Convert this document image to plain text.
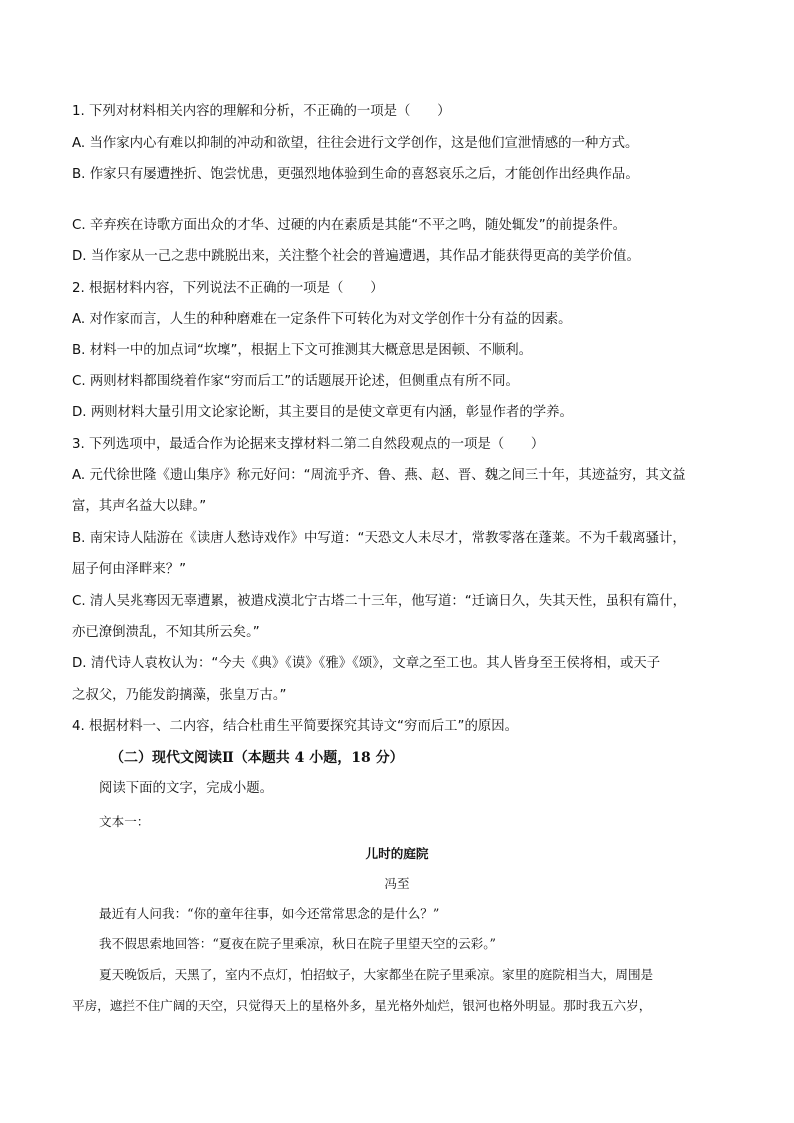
1. 下列对材料相关内容的理解和分析，不正确的一项是（　　）
A. 当作家内心有难以抑制的冲动和欲望，往往会进行文学创作，这是他们宣泄情感的一种方式。
B. 作家只有屡遭挫折、饱尝忧患，更强烈地体验到生命的喜怒哀乐之后，才能创作出经典作品。
C. 辛弃疾在诗歌方面出众的才华、过硬的内在素质是其能“不平之鸣，随处辄发”的前提条件。
D. 当作家从一己之悲中跳脱出来，关注整个社会的普遍遭遇，其作品才能获得更高的美学价值。
2. 根据材料内容，下列说法不正确的一项是（　　）
A. 对作家而言，人生的种种磨难在一定条件下可转化为对文学创作十分有益的因素。
B. 材料一中的加点词“坎壈”，根据上下文可推测其大概意思是困顿、不顺利。
C. 两则材料都围绕着作家“穷而后工”的话题展开论述，但侧重点有所不同。
D. 两则材料大量引用文论家论断，其主要目的是使文章更有内涵，彰显作者的学养。
3. 下列选项中，最适合作为论据来支撑材料二第二自然段观点的一项是（　　）
A. 元代徐世隆《遗山集序》称元好问：“周流乎齐、鲁、燕、赵、晋、魏之间三十年，其迹益穷，其文益
富，其声名益大以肆。”
B. 南宋诗人陆游在《读唐人愁诗戏作》中写道：“天恐文人未尽才，常教零落在蓬莱。不为千载离骚计，
屈子何由泽畔来？”
C. 清人吴兆骞因无辜遭累，被遣戍漠北宁古塔二十三年，他写道：“迁谪日久，失其天性，虽积有篇什，
亦已潦倒溃乱，不知其所云矣。”
D. 清代诗人袁枚认为：“今夫《典》《谟》《雅》《颂》，文章之至工也。其人皆身至王侯将相，或天子
之叔父，乃能发韵摛藻，张皇万古。”
4. 根据材料一、二内容，结合杜甫生平简要探究其诗文“穷而后工”的原因。
（二）现代文阅读Ⅱ（本题共 4 小题，18 分）
阅读下面的文字，完成小题。
文本一：
儿时的庭院
冯至
最近有人问我：“你的童年往事，如今还常常思念的是什么？”
我不假思索地回答：“夏夜在院子里乘凉，秋日在院子里望天空的云彩。”
夏天晚饭后，天黑了，室内不点灯，怕招蚊子，大家都坐在院子里乘凉。家里的庭院相当大，周围是
平房，遮拦不住广阔的天空，只觉得天上的星格外多，星光格外灿烂，银河也格外明显。那时我五六岁，
